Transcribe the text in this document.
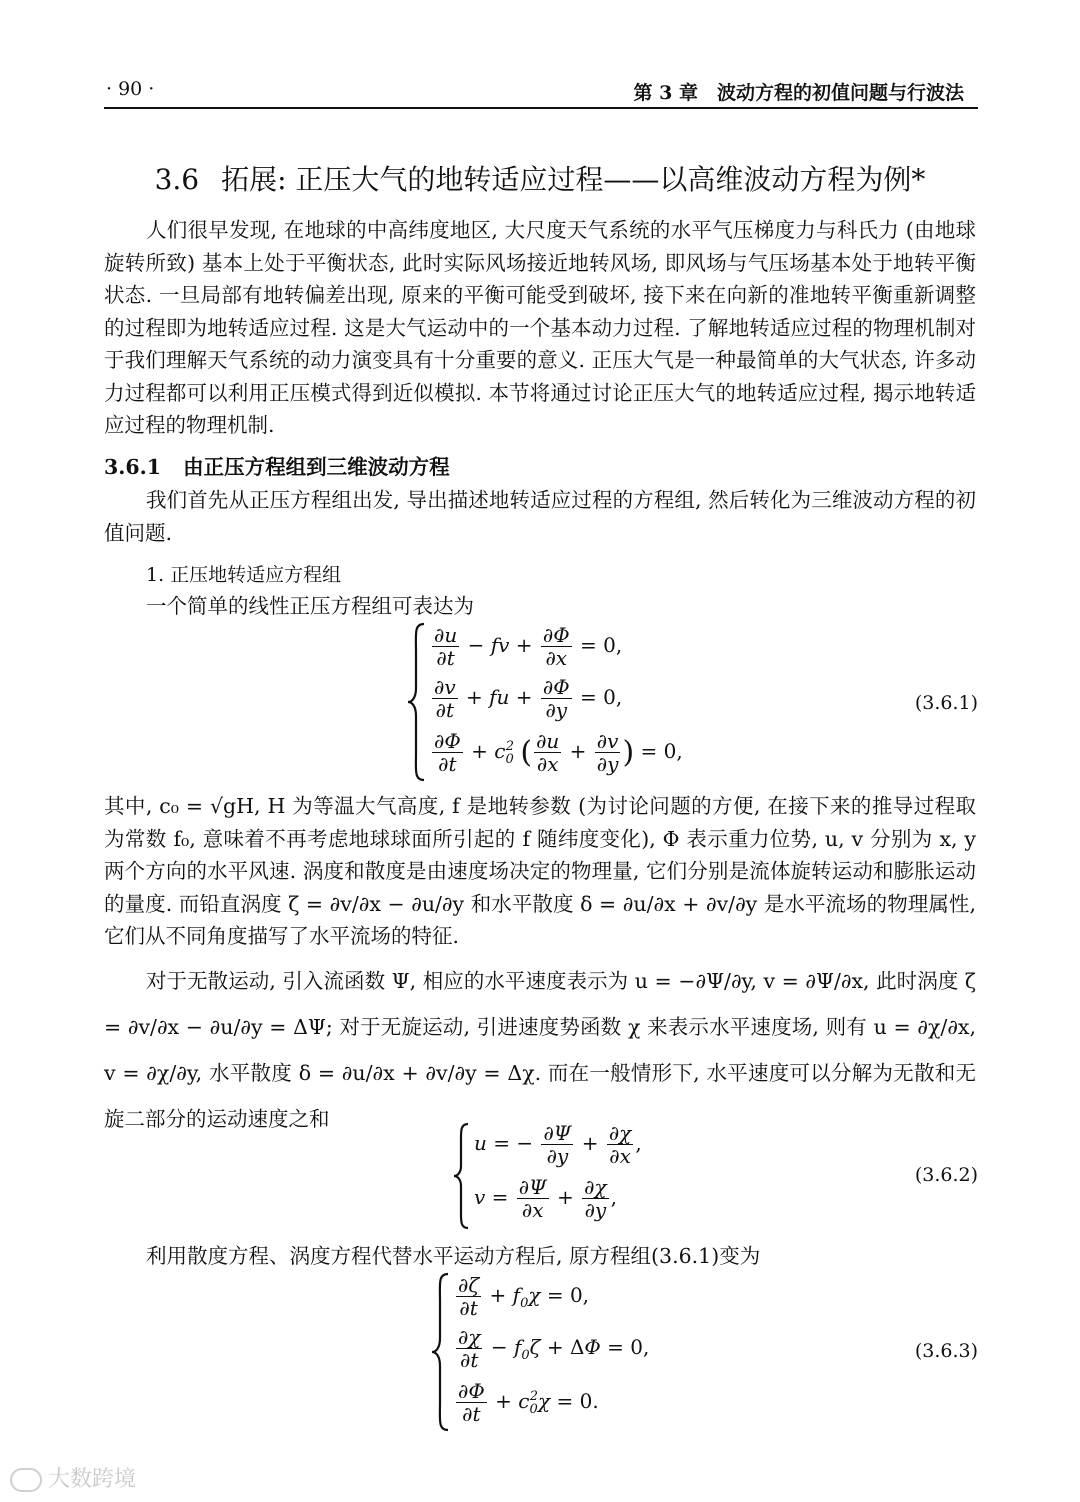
· 90 ·	第 3 章　波动方程的初值问题与行波法
3.6 拓展: 正压大气的地转适应过程——以高维波动方程为例*
人们很早发现, 在地球的中高纬度地区, 大尺度天气系统的水平气压梯度力与科氏力 (由地球旋转所致) 基本上处于平衡状态, 此时实际风场接近地转风场, 即风场与气压场基本处于地转平衡状态. 一旦局部有地转偏差出现, 原来的平衡可能受到破坏, 接下来在向新的准地转平衡重新调整的过程即为地转适应过程. 这是大气运动中的一个基本动力过程. 了解地转适应过程的物理机制对于我们理解天气系统的动力演变具有十分重要的意义. 正压大气是一种最简单的大气状态, 许多动力过程都可以利用正压模式得到近似模拟. 本节将通过讨论正压大气的地转适应过程, 揭示地转适应过程的物理机制.
3.6.1 由正压方程组到三维波动方程
我们首先从正压方程组出发, 导出描述地转适应过程的方程组, 然后转化为三维波动方程的初值问题.
1. 正压地转适应方程组
一个简单的线性正压方程组可表达为
$\frac{\partial u}{\partial t}$ − fv + $\frac{\partial\Phi}{\partial x} = 0$,
$\frac{\partial v}{\partial t}$ + fu + $\frac{\partial\Phi}{\partial y} = 0$,
$\frac{\partial\Phi}{\partial t} + c_0^2$ ( $\frac{\partial u}{\partial x} + \frac{\partial v}{\partial y}$ ) = 0,
(3.6.1)
其中, c₀ = √gH, H 为等温大气高度, f 是地转参数 (为讨论问题的方便, 在接下来的推导过程取为常数 f₀, 意味着不再考虑地球球面所引起的 f 随纬度变化), Φ 表示重力位势, u, v 分别为 x, y 两个方向的水平风速. 涡度和散度是由速度场决定的物理量, 它们分别是流体旋转运动和膨胀运动的量度. 而铅直涡度 ζ = ∂v/∂x − ∂u/∂y 和水平散度 δ = ∂u/∂x + ∂v/∂y 是水平流场的物理属性, 它们从不同角度描写了水平流场的特征.
对于无散运动, 引入流函数 Ψ, 相应的水平速度表示为 u = −∂Ψ/∂y, v = ∂Ψ/∂x, 此时涡度 ζ = ∂v/∂x − ∂u/∂y = ΔΨ; 对于无旋运动, 引进速度势函数 χ 来表示水平速度场, 则有 u = ∂χ/∂x, v = ∂χ/∂y, 水平散度 δ = ∂u/∂x + ∂v/∂y = Δχ. 而在一般情形下, 水平速度可以分解为无散和无旋二部分的运动速度之和
u = − $\frac{\partial\Psi}{\partial y} + \frac{\partial\chi}{\partial x}$ ,
$v = \frac{\partial\Psi}{\partial x} + \frac{\partial\chi}{\partial y}$ ,
(3.6.2)
利用散度方程、涡度方程代替水平运动方程后, 原方程组(3.6.1)变为
$\frac{\partial\zeta}{\partial t} + f_0\chi = 0$,
$\frac{\partial\chi}{\partial t} - f_0\zeta + \Delta\Phi = 0$,
$\frac{\partial\Phi}{\partial t} + c_0^2\chi = 0$.
(3.6.3)
大数跨境
